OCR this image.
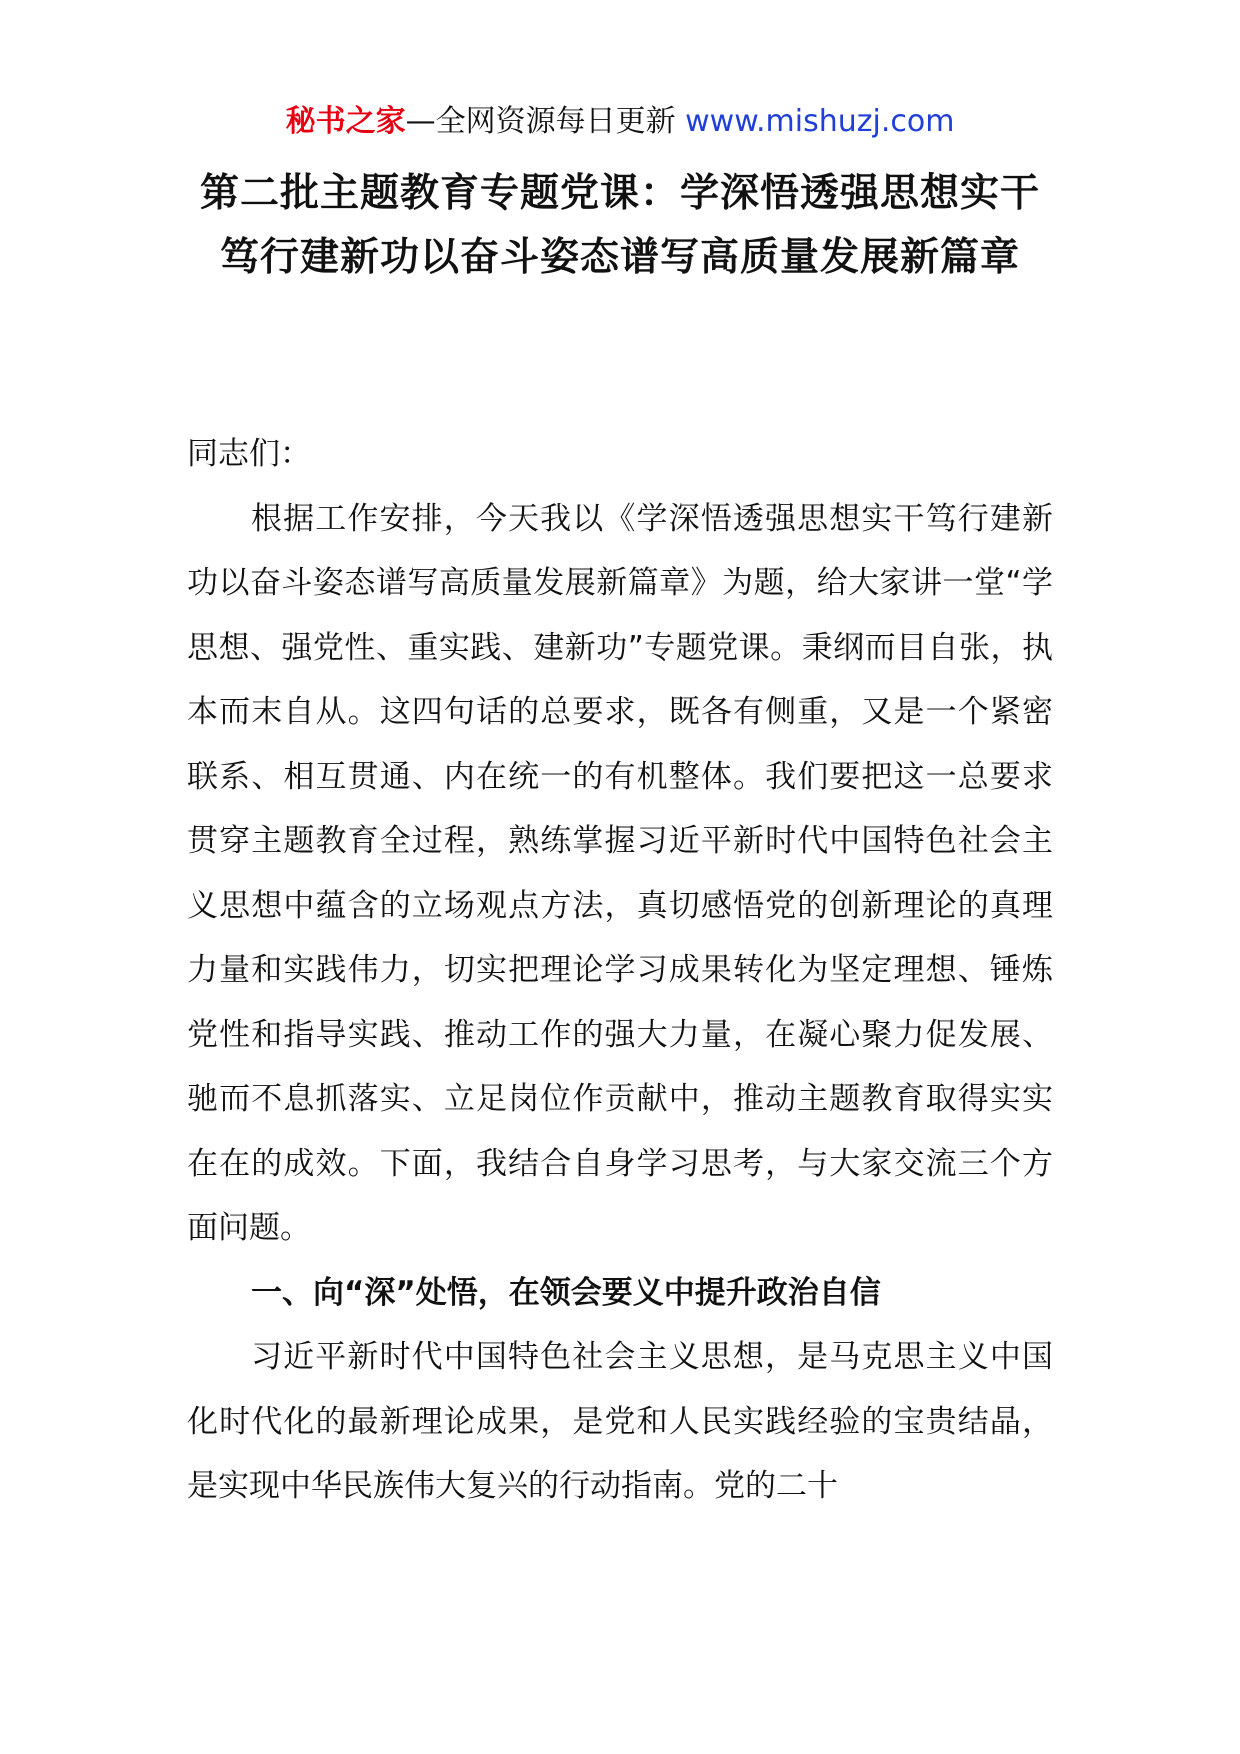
秘书之家—全网资源每日更新 www.mishuzj.com
第二批主题教育专题党课：学深悟透强思想实干笃行建新功以奋斗姿态谱写高质量发展新篇章

同志们：

根据工作安排，今天我以《学深悟透强思想实干笃行建新功以奋斗姿态谱写高质量发展新篇章》为题，给大家讲一堂“学思想、强党性、重实践、建新功”专题党课。秉纲而目自张，执本而末自从。这四句话的总要求，既各有侧重，又是一个紧密联系、相互贯通、内在统一的有机整体。我们要把这一总要求贯穿主题教育全过程，熟练掌握习近平新时代中国特色社会主义思想中蕴含的立场观点方法，真切感悟党的创新理论的真理力量和实践伟力，切实把理论学习成果转化为坚定理想、锤炼党性和指导实践、推动工作的强大力量，在凝心聚力促发展、驰而不息抓落实、立足岗位作贡献中，推动主题教育取得实实在在的成效。下面，我结合自身学习思考，与大家交流三个方面问题。

一、向“深”处悟，在领会要义中提升政治自信

习近平新时代中国特色社会主义思想，是马克思主义中国化时代化的最新理论成果，是党和人民实践经验的宝贵结晶，是实现中华民族伟大复兴的行动指南。党的二十
